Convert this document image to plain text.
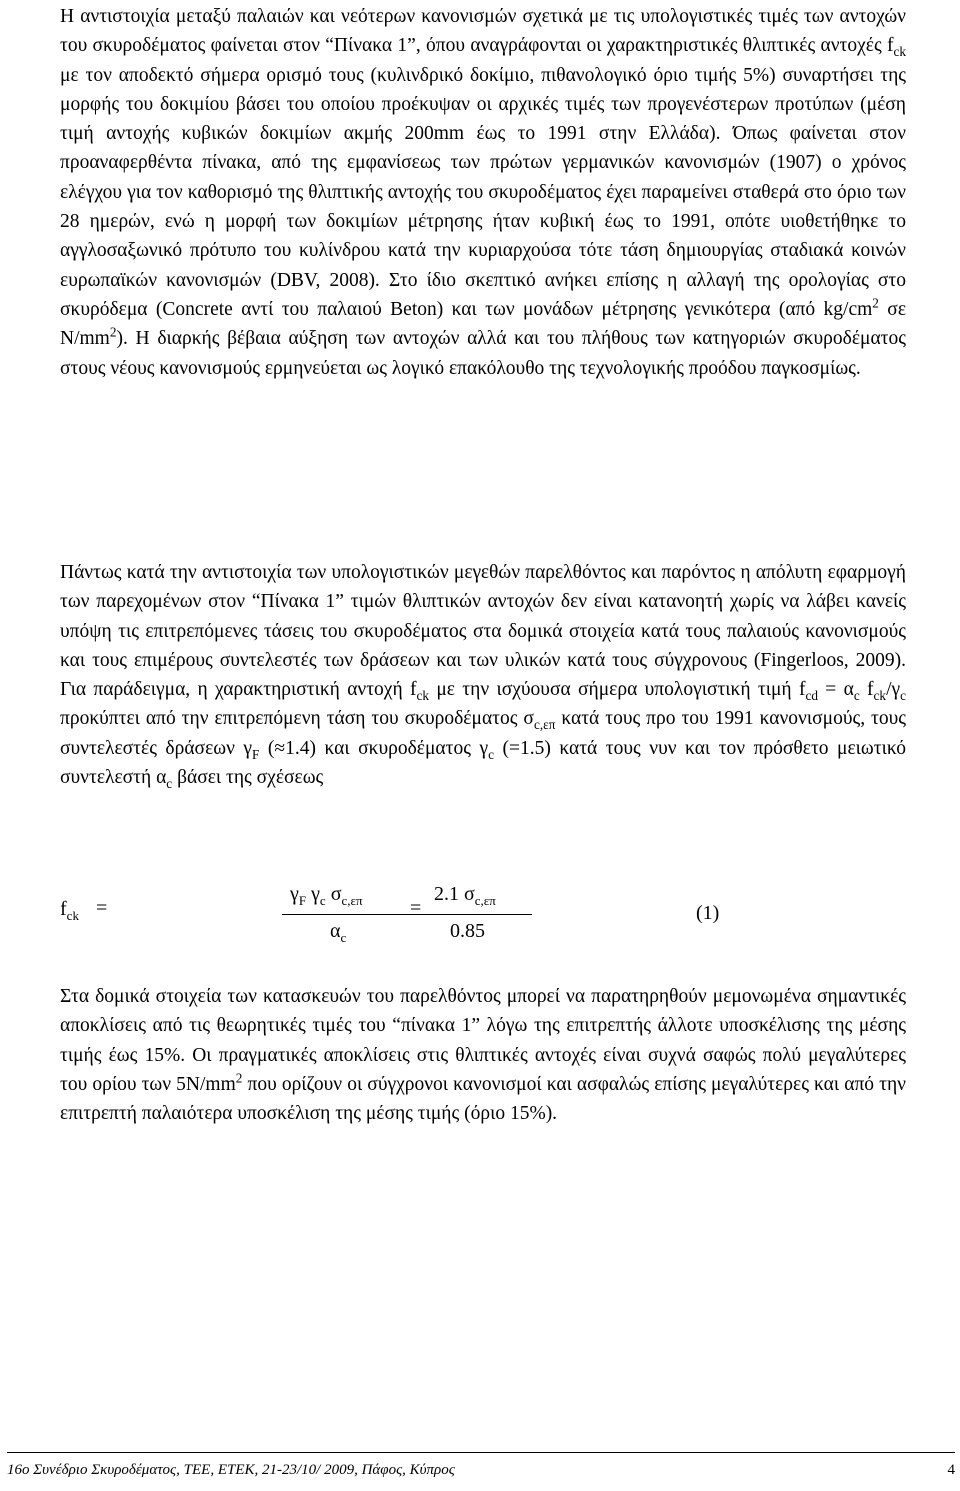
Η αντιστοιχία μεταξύ παλαιών και νεότερων κανονισμών σχετικά με τις υπολογιστικές τιμές των αντοχών του σκυροδέματος φαίνεται στον “Πίνακα 1”, όπου αναγράφονται οι χαρακτηριστικές θλιπτικές αντοχές $f_{ck}$ με τον αποδεκτό σήμερα ορισμό τους (κυλινδρικό δοκίμιο, πιθανολογικό όριο τιμής 5%) συναρτήσει της μορφής του δοκιμίου βάσει του οποίου προέκυψαν οι αρχικές τιμές των προγενέστερων προτύπων (μέση τιμή αντοχής κυβικών δοκιμίων ακμής 200mm έως το 1991 στην Ελλάδα). Όπως φαίνεται στον προαναφερθέντα πίνακα, από της εμφανίσεως των πρώτων γερμανικών κανονισμών (1907) ο χρόνος ελέγχου για τον καθορισμό της θλιπτικής αντοχής του σκυροδέματος έχει παραμείνει σταθερά στο όριο των 28 ημερών, ενώ η μορφή των δοκιμίων μέτρησης ήταν κυβική έως το 1991, οπότε υιοθετήθηκε το αγγλοσαξωνικό πρότυπο του κυλίνδρου κατά την κυριαρχούσα τότε τάση δημιουργίας σταδιακά κοινών ευρωπαϊκών κανονισμών (DBV, 2008). Στο ίδιο σκεπτικό ανήκει επίσης η αλλαγή της ορολογίας στο σκυρόδεμα (Concrete αντί του παλαιού Beton) και των μονάδων μέτρησης γενικότερα (από $kg/cm^2$ σε $N/mm^2$). Η διαρκής βέβαια αύξηση των αντοχών αλλά και του πλήθους των κατηγοριών σκυροδέματος στους νέους κανονισμούς ερμηνεύεται ως λογικό επακόλουθο της τεχνολογικής προόδου παγκοσμίως.

Πάντως κατά την αντιστοιχία των υπολογιστικών μεγεθών παρελθόντος και παρόντος η απόλυτη εφαρμογή των παρεχομένων στον “Πίνακα 1” τιμών θλιπτικών αντοχών δεν είναι κατανοητή χωρίς να λάβει κανείς υπόψη τις επιτρεπόμενες τάσεις του σκυροδέματος στα δομικά στοιχεία κατά τους παλαιούς κανονισμούς και τους επιμέρους συντελεστές των δράσεων και των υλικών κατά τους σύγχρονους (Fingerloos, 2009). Για παράδειγμα, η χαρακτηριστική αντοχή $f_{ck}$ με την ισχύουσα σήμερα υπολογιστική τιμή $f_{cd} = \alpha_c$ $f_{ck}/\gamma_c$ προκύπτει από την επιτρεπόμενη τάση του σκυροδέματος $\sigma_{c,\varepsilon\pi}$ κατά τους προ του 1991 κανονισμούς, τους συντελεστές δράσεων $\gamma_F$ (≈1.4) και σκυροδέματος $\gamma_c$ (=1.5) κατά τους νυν και τον πρόσθετο μειωτικό συντελεστή $\alpha_c$ βάσει της σχέσεως

$f_{ck}$ =
$\gamma_F$ $\gamma_c$ $\sigma_{c,\varepsilon\pi}$
$\alpha_c$
=
2.1 $\sigma_{c,\varepsilon\pi}$
0.85
(1)

Στα δομικά στοιχεία των κατασκευών του παρελθόντος μπορεί να παρατηρηθούν μεμονωμένα σημαντικές αποκλίσεις από τις θεωρητικές τιμές του “πίνακα 1” λόγω της επιτρεπτής άλλοτε υποσκέλισης της μέσης τιμής έως 15%. Οι πραγματικές αποκλίσεις στις θλιπτικές αντοχές είναι συχνά σαφώς πολύ μεγαλύτερες του ορίου των $5N/mm^2$ που ορίζουν οι σύγχρονοι κανονισμοί και ασφαλώς επίσης μεγαλύτερες και από την επιτρεπτή παλαιότερα υποσκέλιση της μέσης τιμής (όριο 15%).

16ο Συνέδριο Σκυροδέματος, ΤΕΕ, ΕΤΕΚ, 21-23/10/ 2009, Πάφος, Κύπρος	4
